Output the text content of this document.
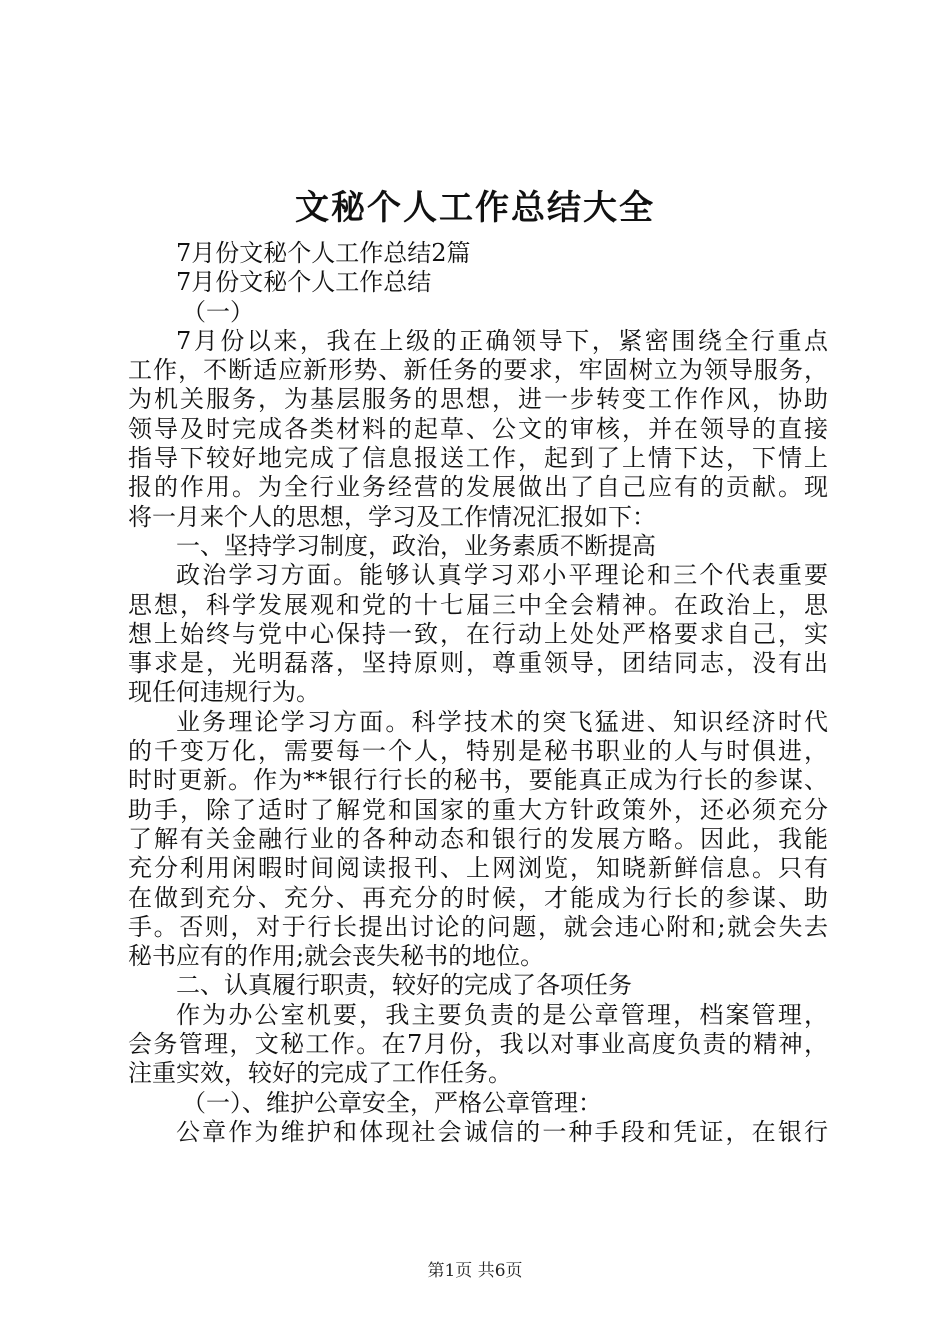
文秘个人工作总结大全
7月份文秘个人工作总结2篇
7月份文秘个人工作总结
（一）
7月份以来，我在上级的正确领导下，紧密围绕全行重点
工作，不断适应新形势、新任务的要求，牢固树立为领导服务，
为机关服务，为基层服务的思想，进一步转变工作作风，协助
领导及时完成各类材料的起草、公文的审核，并在领导的直接
指导下较好地完成了信息报送工作，起到了上情下达，下情上
报的作用。为全行业务经营的发展做出了自己应有的贡献。现
将一月来个人的思想，学习及工作情况汇报如下：
一、坚持学习制度，政治，业务素质不断提高
政治学习方面。能够认真学习邓小平理论和三个代表重要
思想，科学发展观和党的十七届三中全会精神。在政治上，思
想上始终与党中心保持一致，在行动上处处严格要求自己，实
事求是，光明磊落，坚持原则，尊重领导，团结同志，没有出
现任何违规行为。
业务理论学习方面。科学技术的突飞猛进、知识经济时代
的千变万化，需要每一个人，特别是秘书职业的人与时俱进，
时时更新。作为**银行行长的秘书，要能真正成为行长的参谋、
助手，除了适时了解党和国家的重大方针政策外，还必须充分
了解有关金融行业的各种动态和银行的发展方略。因此，我能
充分利用闲暇时间阅读报刊、上网浏览，知晓新鲜信息。只有
在做到充分、充分、再充分的时候，才能成为行长的参谋、助
手。否则，对于行长提出讨论的问题，就会违心附和;就会失去
秘书应有的作用;就会丧失秘书的地位。
二、认真履行职责，较好的完成了各项任务
作为办公室机要，我主要负责的是公章管理，档案管理，
会务管理，文秘工作。在7月份，我以对事业高度负责的精神，
注重实效，较好的完成了工作任务。
（一）、维护公章安全，严格公章管理：
公章作为维护和体现社会诚信的一种手段和凭证，在银行
第1页 共6页
